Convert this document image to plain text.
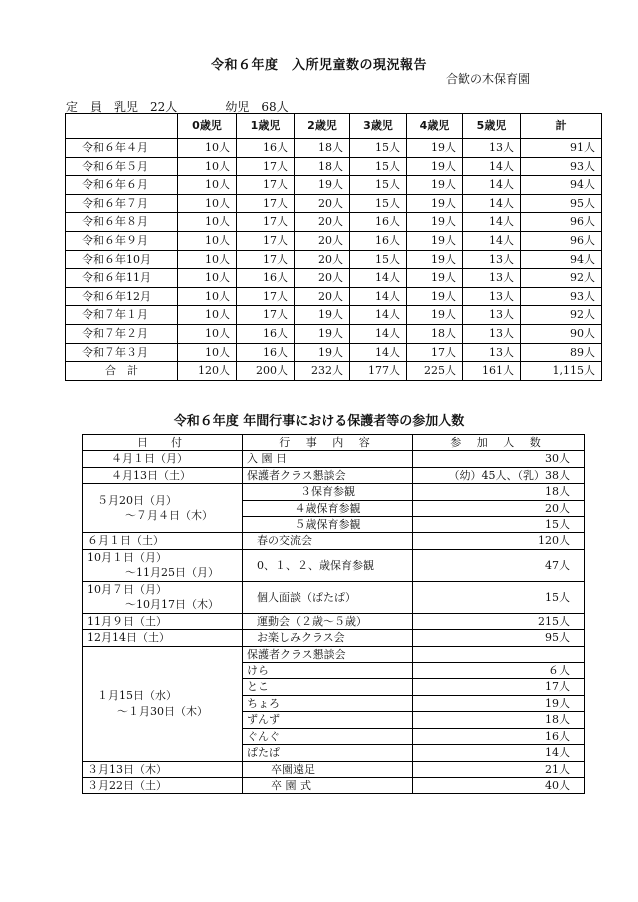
令和６年度　入所児童数の現況報告
合歓の木保育園
定　員　 乳児　22人　　　　	幼児　68人
	0歳児	1歳児	2歳児	3歳児	4歳児	5歳児	計
令和６年４月	10人	16人	18人	15人	19人	13人	91人
令和６年５月	10人	17人	18人	15人	19人	14人	93人
令和６年６月	10人	17人	19人	15人	19人	14人	94人
令和６年７月	10人	17人	20人	15人	19人	14人	95人
令和６年８月	10人	17人	20人	16人	19人	14人	96人
令和６年９月	10人	17人	20人	16人	19人	14人	96人
令和６年10月	10人	17人	20人	15人	19人	13人	94人
令和６年11月	10人	16人	20人	14人	19人	13人	92人
令和６年12月	10人	17人	20人	14人	19人	13人	93人
令和７年１月	10人	17人	19人	14人	19人	13人	92人
令和７年２月	10人	16人	19人	14人	18人	13人	90人
令和７年３月	10人	16人	19人	14人	17人	13人	89人
合　計	120人	200人	232人	177人	225人	161人	1,115人
令和６年度 年間行事における保護者等の参加人数
日　付	行 事 内 容	参 加 人 数
４月１日（月）	入 園 日	30人
４月13日（土）	保護者クラス懇談会	（幼）45人、（乳）38人

５月20日（月）
～７月４日（木）	３保育参観	18人
	４歳保育参観	20人
	５歳保育参観	15人
６月１日（土）	春の交流会	120人

10月１日（月）
～11月25日（月）	0、１、２、歳保育参観	47人

10月７日（月）
～10月17日（木）	個人面談（ぱたぱ）	15人
11月９日（土）	運動会（２歳～５歳）	215人
12月14日（土）	お楽しみクラス会	95人

１月15日（水）
～１月30日（木）	保護者クラス懇談会	
	けら	６人
	とこ	17人
	ちょろ	19人
	ずんず	18人
	ぐんぐ	16人
	ぱたぱ	14人
３月13日（木）	卒園遠足	21人
３月22日（土）	卒 園 式	40人
